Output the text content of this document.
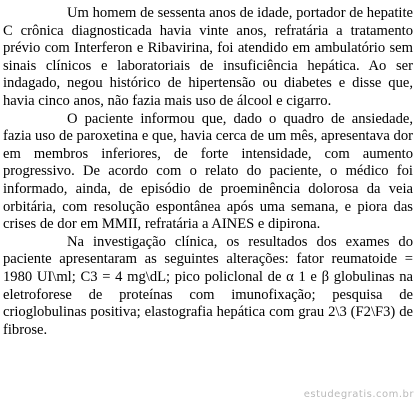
Um homem de sessenta anos de idade, portador de hepatite C crônica diagnosticada havia vinte anos, refratária a tratamento prévio com Interferon e Ribavirina, foi atendido em ambulatório sem sinais clínicos e laboratoriais de insuficiência hepática. Ao ser indagado, negou histórico de hipertensão ou diabetes e disse que, havia cinco anos, não fazia mais uso de álcool e cigarro.

O paciente informou que, dado o quadro de ansiedade, fazia uso de paroxetina e que, havia cerca de um mês, apresentava dor em membros inferiores, de forte intensidade, com aumento progressivo. De acordo com o relato do paciente, o médico foi informado, ainda, de episódio de proeminência dolorosa da veia orbitária, com resolução espontânea após uma semana, e piora das crises de dor em MMII, refratária a AINES e dipirona.

Na investigação clínica, os resultados dos exames do paciente apresentaram as seguintes alterações: fator reumatoide = 1980 UI\ml; C3 = 4 mg\dL; pico policlonal de α 1 e β globulinas na eletroforese de proteínas com imunofixação; pesquisa de crioglobulinas positiva; elastografia hepática com grau 2\3 (F2\F3) de fibrose.

estudegratis.com.br
